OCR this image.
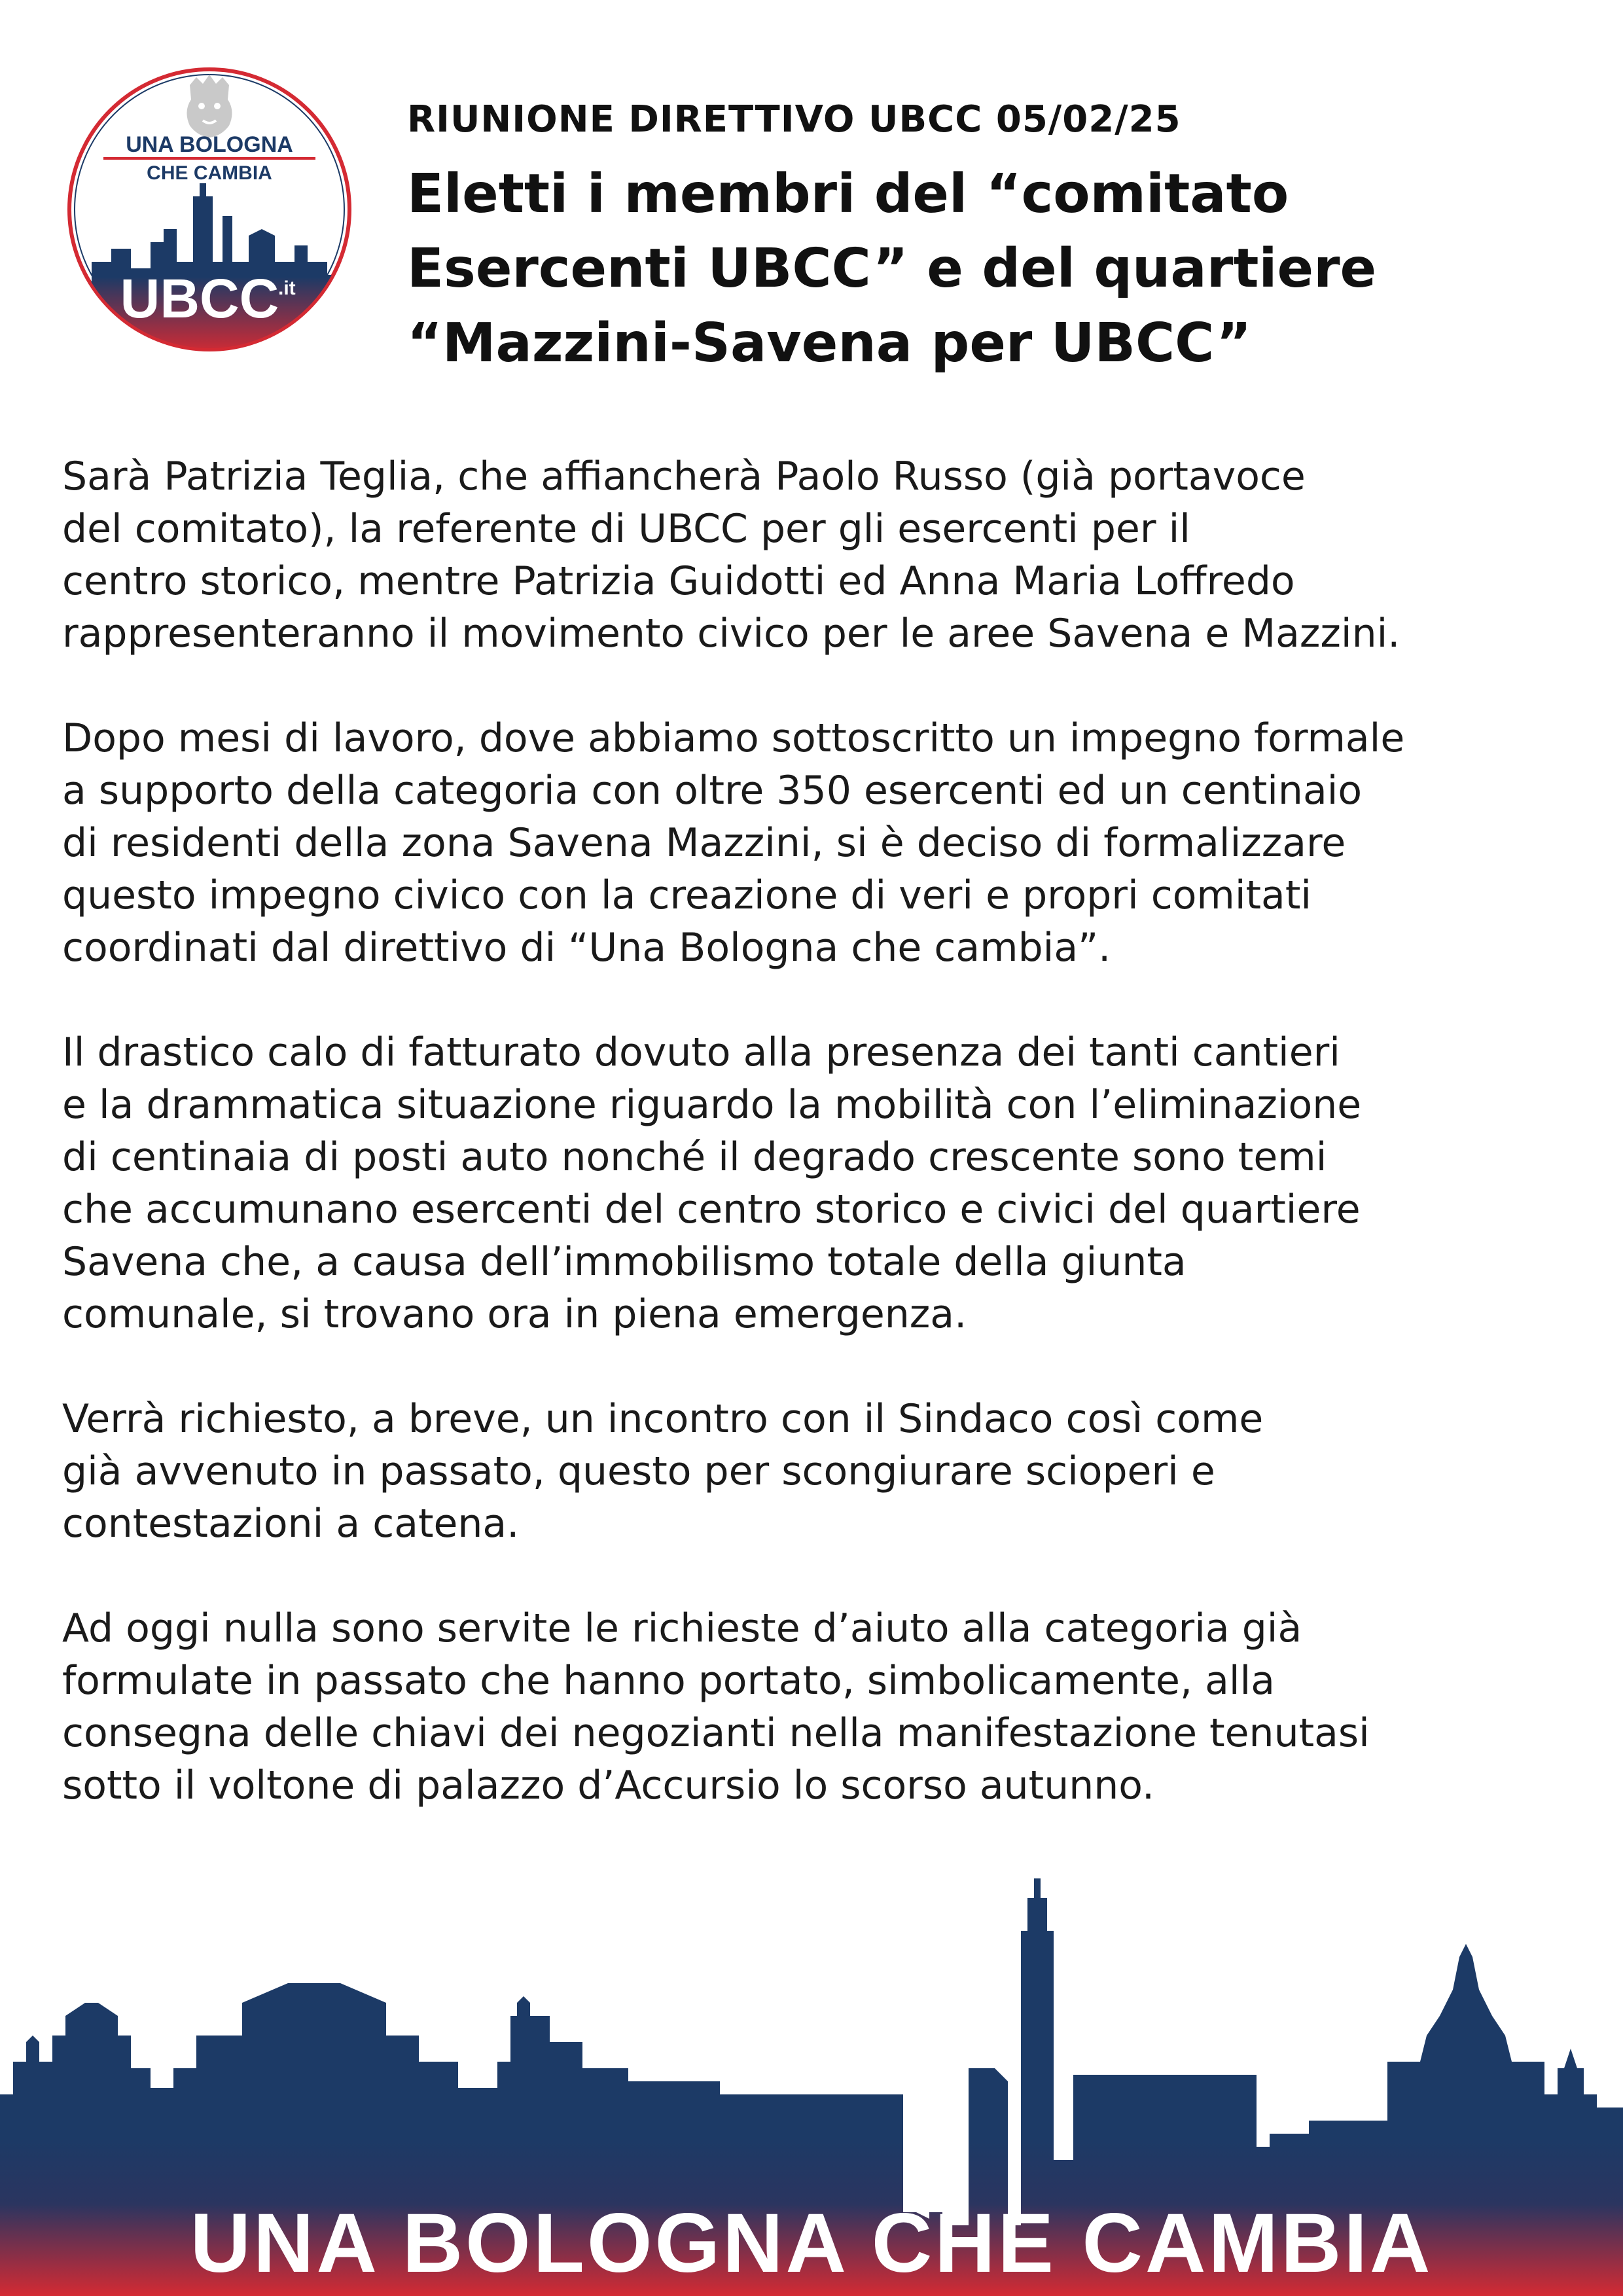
UNA BOLOGNA
CHE CAMBIA
UBCC
.it
RIUNIONE DIRETTIVO UBCC 05/02/25
Eletti i membri del “comitato
Esercenti UBCC” e del quartiere
“Mazzini-Savena per UBCC”
Sarà Patrizia Teglia, che affiancherà Paolo Russo (già portavoce
del comitato), la referente di UBCC per gli esercenti per il
centro storico, mentre Patrizia Guidotti ed Anna Maria Loffredo
rappresenteranno il movimento civico per le aree Savena e Mazzini.
Dopo mesi di lavoro, dove abbiamo sottoscritto un impegno formale
a supporto della categoria con oltre 350 esercenti ed un centinaio
di residenti della zona Savena Mazzini, si è deciso di formalizzare
questo impegno civico con la creazione di veri e propri comitati
coordinati dal direttivo di “Una Bologna che cambia”.
Il drastico calo di fatturato dovuto alla presenza dei tanti cantieri
e la drammatica situazione riguardo la mobilità con l’eliminazione
di centinaia di posti auto nonché il degrado crescente sono temi
che accumunano esercenti del centro storico e civici del quartiere
Savena che, a causa dell’immobilismo totale della giunta
comunale, si trovano ora in piena emergenza.
Verrà richiesto, a breve, un incontro con il Sindaco così come
già avvenuto in passato, questo per scongiurare scioperi e
contestazioni a catena.
Ad oggi nulla sono servite le richieste d’aiuto alla categoria già
formulate in passato che hanno portato, simbolicamente, alla
consegna delle chiavi dei negozianti nella manifestazione tenutasi
sotto il voltone di palazzo d’Accursio lo scorso autunno.
UNA BOLOGNA CHE CAMBIA
